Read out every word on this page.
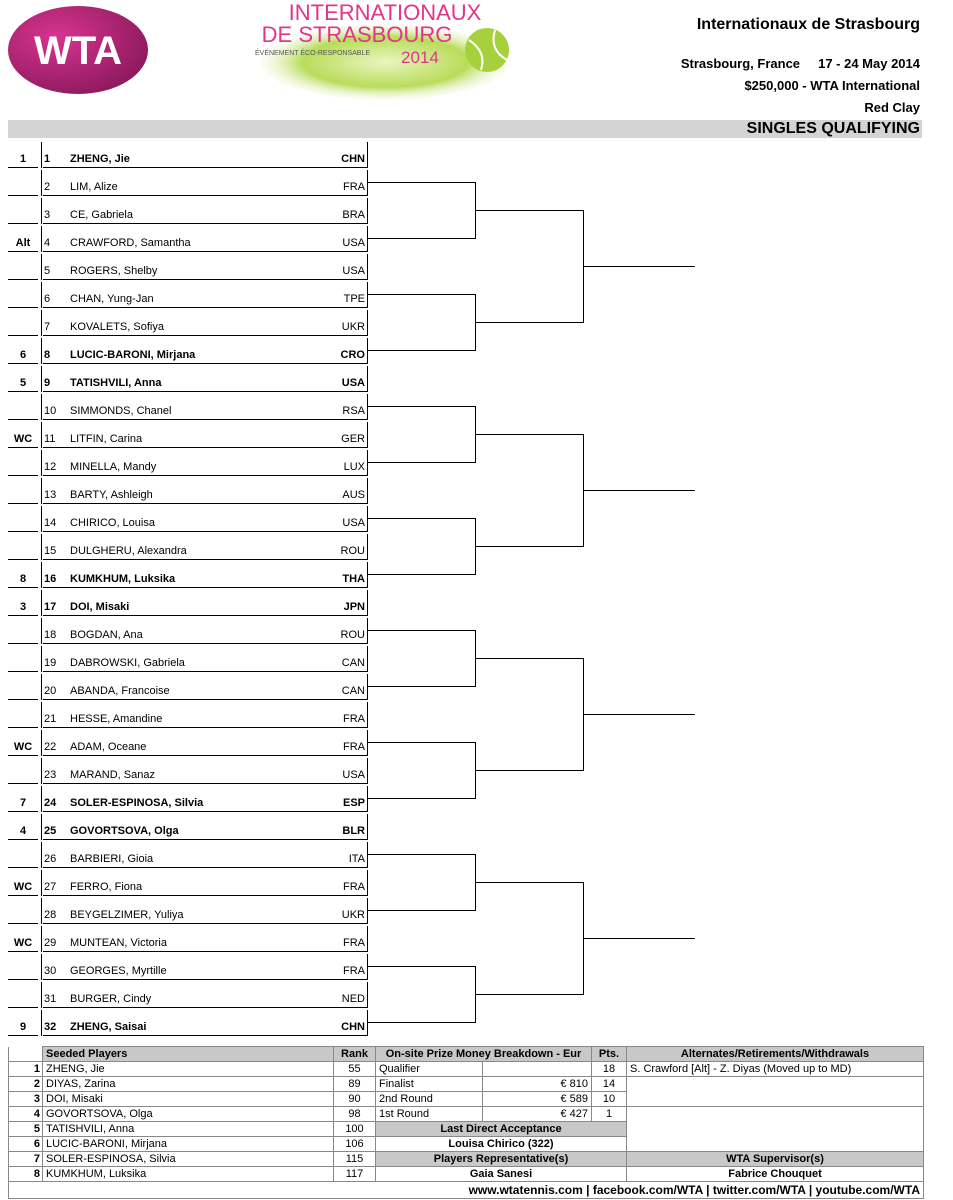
WTA
INTERNATIONAUX
DE STRASBOURG
ÉVÉNEMENT ÉCO-RESPONSABLE 2014
Internationaux de Strasbourg
Strasbourg, France 17 - 24 May 2014
$250,000 - WTA International
Red Clay
SINGLES QUALIFYING
1	1 ZHENG, Jie	CHN
2 LIM, Alize	FRA
3 CE, Gabriela	BRA
Alt	4 CRAWFORD, Samantha	USA
5 ROGERS, Shelby	USA
6 CHAN, Yung-Jan	TPE
7 KOVALETS, Sofiya	UKR
6	8 LUCIC-BARONI, Mirjana	CRO
5	9 TATISHVILI, Anna	USA
10 SIMMONDS, Chanel	RSA
WC	11 LITFIN, Carina	GER
12 MINELLA, Mandy	LUX
13 BARTY, Ashleigh	AUS
14 CHIRICO, Louisa	USA
15 DULGHERU, Alexandra	ROU
8	16 KUMKHUM, Luksika	THA
3	17 DOI, Misaki	JPN
18 BOGDAN, Ana	ROU
19 DABROWSKI, Gabriela	CAN
20 ABANDA, Francoise	CAN
21 HESSE, Amandine	FRA
WC	22 ADAM, Oceane	FRA
23 MARAND, Sanaz	USA
7	24 SOLER-ESPINOSA, Silvia	ESP
4	25 GOVORTSOVA, Olga	BLR
26 BARBIERI, Gioia	ITA
WC	27 FERRO, Fiona	FRA
28 BEYGELZIMER, Yuliya	UKR
WC	29 MUNTEAN, Victoria	FRA
30 GEORGES, Myrtille	FRA
31 BURGER, Cindy	NED
9	32 ZHENG, Saisai	CHN
	Seeded Players	Rank	On-site Prize Money Breakdown - Eur		Pts.	Alternates/Retirements/Withdrawals
1	ZHENG, Jie	55	Qualifier		18	S. Crawford [Alt] - Z. Diyas (Moved up to MD)
2	DIYAS, Zarina	89	Finalist	€ 810	14	
3	DOI, Misaki	90	2nd Round	€ 589	10	
4	GOVORTSOVA, Olga	98	1st Round	€ 427	1	
5	TATISHVILI, Anna	100	Last Direct Acceptance			
6	LUCIC-BARONI, Mirjana	106	Louisa Chirico (322)			
7	SOLER-ESPINOSA, Silvia	115	Players Representative(s)			WTA Supervisor(s)
8	KUMKHUM, Luksika	117	Gaia Sanesi			Fabrice Chouquet
www.wtatennis.com | facebook.com/WTA | twitter.com/WTA | youtube.com/WTA						
